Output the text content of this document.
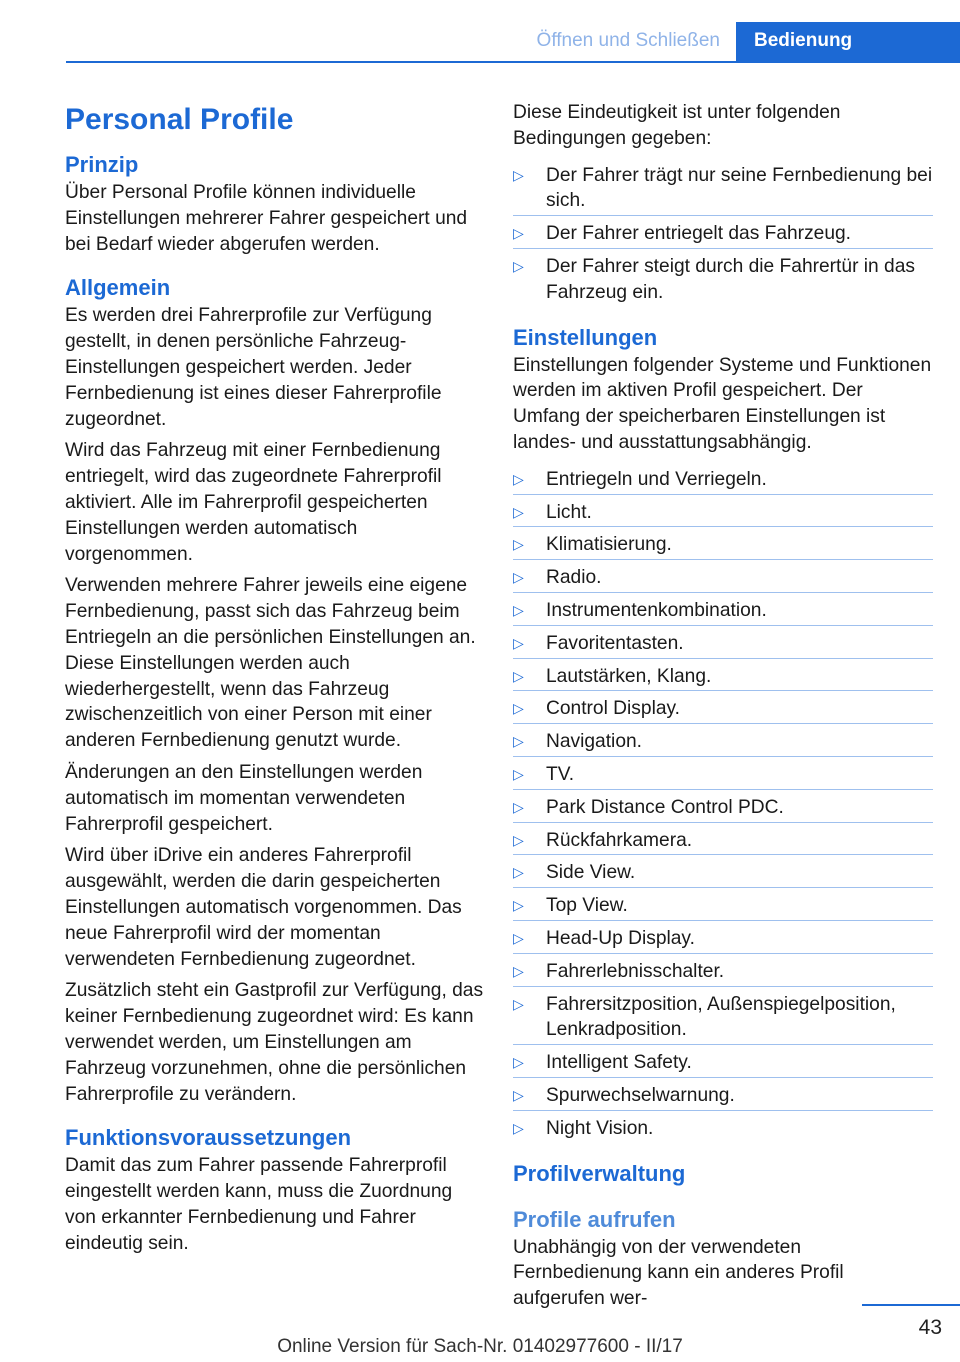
Öffnen und Schließen	Bedienung
Personal Profile
Prinzip

Über Personal Profile können individuelle Einstellungen mehrerer Fahrer gespeichert und bei Bedarf wieder abgerufen werden.

Allgemein

Es werden drei Fahrerprofile zur Verfügung gestellt, in denen persönliche Fahrzeug-Einstellungen gespeichert werden. Jeder Fernbedienung ist eines dieser Fahrerprofile zugeordnet.

Wird das Fahrzeug mit einer Fernbedienung entriegelt, wird das zugeordnete Fahrerprofil aktiviert. Alle im Fahrerprofil gespeicherten Einstellungen werden automatisch vorgenommen.

Verwenden mehrere Fahrer jeweils eine eigene Fernbedienung, passt sich das Fahrzeug beim Entriegeln an die persönlichen Einstellungen an. Diese Einstellungen werden auch wiederhergestellt, wenn das Fahrzeug zwischenzeitlich von einer Person mit einer anderen Fernbedienung genutzt wurde.

Änderungen an den Einstellungen werden automatisch im momentan verwendeten Fahrerprofil gespeichert.

Wird über iDrive ein anderes Fahrerprofil ausgewählt, werden die darin gespeicherten Einstellungen automatisch vorgenommen. Das neue Fahrerprofil wird der momentan verwendeten Fernbedienung zugeordnet.

Zusätzlich steht ein Gastprofil zur Verfügung, das keiner Fernbedienung zugeordnet wird: Es kann verwendet werden, um Einstellungen am Fahrzeug vorzunehmen, ohne die persönlichen Fahrerprofile zu verändern.

Funktionsvoraussetzungen

Damit das zum Fahrer passende Fahrerprofil eingestellt werden kann, muss die Zuordnung von erkannter Fernbedienung und Fahrer eindeutig sein.

Diese Eindeutigkeit ist unter folgenden Bedingungen gegeben:

▷ Der Fahrer trägt nur seine Fernbedienung bei sich.
▷ Der Fahrer entriegelt das Fahrzeug.
▷ Der Fahrer steigt durch die Fahrertür in das Fahrzeug ein.
Einstellungen

Einstellungen folgender Systeme und Funktionen werden im aktiven Profil gespeichert. Der Umfang der speicherbaren Einstellungen ist landes- und ausstattungsabhängig.

▷ Entriegeln und Verriegeln.
▷ Licht.
▷ Klimatisierung.
▷ Radio.
▷ Instrumentenkombination.
▷ Favoritentasten.
▷ Lautstärken, Klang.
▷ Control Display.
▷ Navigation.
▷ TV.
▷ Park Distance Control PDC.
▷ Rückfahrkamera.
▷ Side View.
▷ Top View.
▷ Head-Up Display.
▷ Fahrerlebnisschalter.
▷ Fahrersitzposition, Außenspiegelposition, Lenkradposition.
▷ Intelligent Safety.
▷ Spurwechselwarnung.
▷ Night Vision.
Profilverwaltung
Profile aufrufen

Unabhängig von der verwendeten Fernbedienung kann ein anderes Profil aufgerufen wer-

43
Online Version für Sach-Nr. 01402977600 - II/17
